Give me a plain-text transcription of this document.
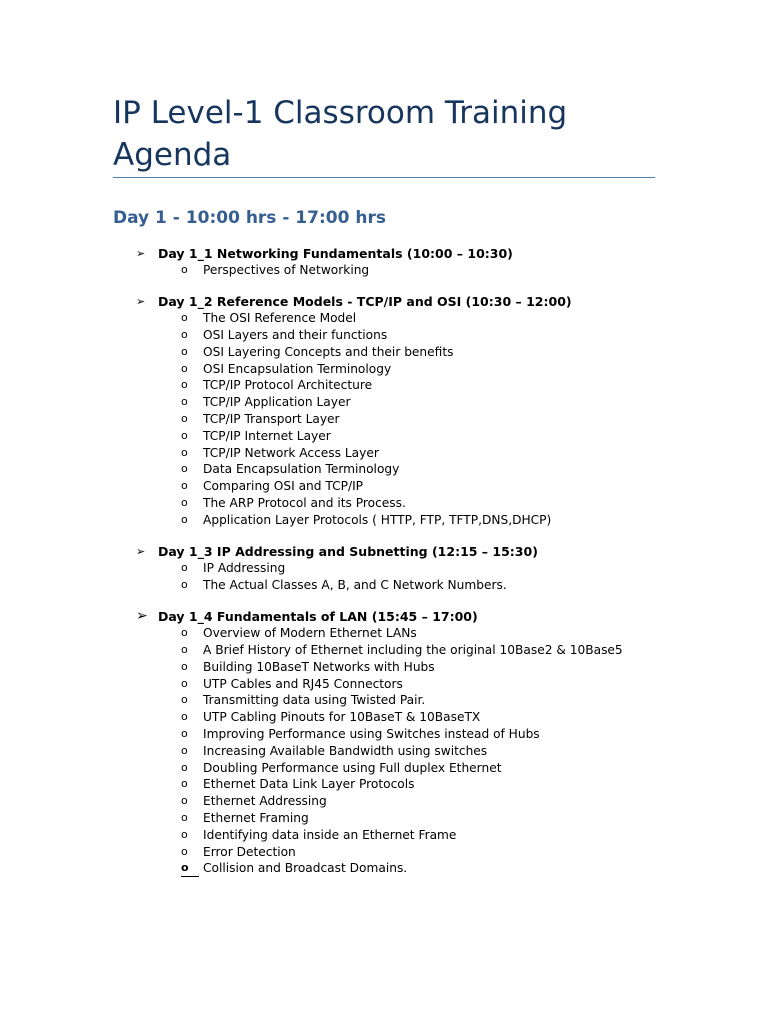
IP Level-1 Classroom Training
Agenda
Day 1 - 10:00 hrs - 17:00 hrs
➢	Day 1_1 Networking Fundamentals (10:00 – 10:30)
o Perspectives of Networking
➢	Day 1_2 Reference Models - TCP/IP and OSI (10:30 – 12:00)
o The OSI Reference Model
o OSI Layers and their functions
o OSI Layering Concepts and their benefits
o OSI Encapsulation Terminology
o TCP/IP Protocol Architecture
o TCP/IP Application Layer
o TCP/IP Transport Layer
o TCP/IP Internet Layer
o TCP/IP Network Access Layer
o Data Encapsulation Terminology
o Comparing OSI and TCP/IP
o The ARP Protocol and its Process.
o Application Layer Protocols ( HTTP, FTP, TFTP,DNS,DHCP)
➢	Day 1_3 IP Addressing and Subnetting (12:15 – 15:30)
o IP Addressing
o The Actual Classes A, B, and C Network Numbers.
➢ Day 1_4 Fundamentals of LAN (15:45 – 17:00)
o Overview of Modern Ethernet LANs
o A Brief History of Ethernet including the original 10Base2 & 10Base5
o Building 10BaseT Networks with Hubs
o UTP Cables and RJ45 Connectors
o Transmitting data using Twisted Pair.
o UTP Cabling Pinouts for 10BaseT & 10BaseTX
o Improving Performance using Switches instead of Hubs
o Increasing Available Bandwidth using switches
o Doubling Performance using Full duplex Ethernet
o Ethernet Data Link Layer Protocols
o Ethernet Addressing
o Ethernet Framing
o Identifying data inside an Ethernet Frame
o Error Detection
o	Collision and Broadcast Domains.
